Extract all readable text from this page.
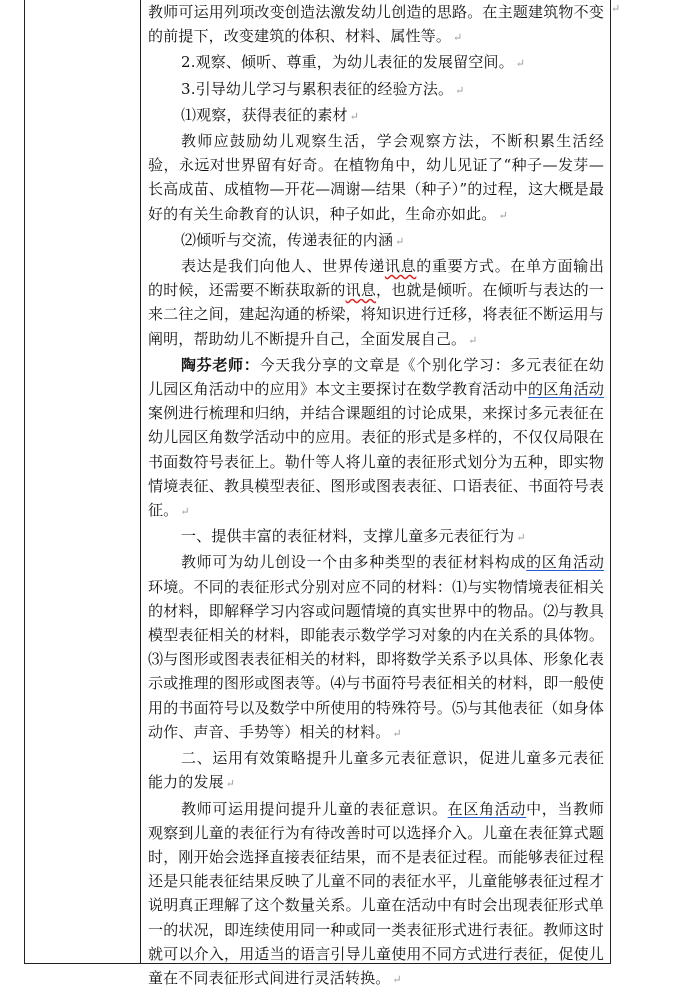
↵

教师可运用列项改变创造法激发幼儿创造的思路。在主题建筑物不变的前提下，改变建筑的体积、材料、属性等。 ↵

2.观察、倾听、尊重，为幼儿表征的发展留空间。 ↵

3.引导幼儿学习与累积表征的经验方法。 ↵

⑴观察，获得表征的素材 ↵

教师应鼓励幼儿观察生活，学会观察方法，不断积累生活经验，永远对世界留有好奇。在植物角中，幼儿见证了“种子—发芽—长高成苗、成植物—开花—凋谢—结果（种子）”的过程，这大概是最好的有关生命教育的认识，种子如此，生命亦如此。 ↵

⑵倾听与交流，传递表征的内涵 ↵

表达是我们向他人、世界传递讯息的重要方式。在单方面输出的时候，还需要不断获取新的讯息，也就是倾听。在倾听与表达的一来二往之间，建起沟通的桥梁，将知识进行迁移，将表征不断运用与阐明，帮助幼儿不断提升自己，全面发展自己。 ↵

陶芬老师：今天我分享的文章是《个别化学习：多元表征在幼儿园区角活动中的应用》本文主要探讨在数学教育活动中的区角活动案例进行梳理和归纳，并结合课题组的讨论成果，来探讨多元表征在幼儿园区角数学活动中的应用。表征的形式是多样的，不仅仅局限在书面数符号表征上。勒什等人将儿童的表征形式划分为五种，即实物情境表征、教具模型表征、图形或图表表征、口语表征、书面符号表征。 ↵

一、提供丰富的表征材料，支撑儿童多元表征行为 ↵

教师可为幼儿创设一个由多种类型的表征材料构成的区角活动环境。不同的表征形式分别对应不同的材料：⑴与实物情境表征相关的材料，即解释学习内容或问题情境的真实世界中的物品。⑵与教具模型表征相关的材料，即能表示数学学习对象的内在关系的具体物。⑶与图形或图表表征相关的材料，即将数学关系予以具体、形象化表示或推理的图形或图表等。⑷与书面符号表征相关的材料，即一般使用的书面符号以及数学中所使用的特殊符号。⑸与其他表征（如身体动作、声音、手势等）相关的材料。 ↵

二、运用有效策略提升儿童多元表征意识，促进儿童多元表征能力的发展 ↵

教师可运用提问提升儿童的表征意识。在区角活动中，当教师观察到儿童的表征行为有待改善时可以选择介入。儿童在表征算式题时，刚开始会选择直接表征结果，而不是表征过程。而能够表征过程还是只能表征结果反映了儿童不同的表征水平，儿童能够表征过程才说明真正理解了这个数量关系。儿童在活动中有时会出现表征形式单一的状况，即连续使用同一种或同一类表征形式进行表征。教师这时就可以介入，用适当的语言引导儿童使用不同方式进行表征，促使儿童在不同表征形式间进行灵活转换。 ↵
